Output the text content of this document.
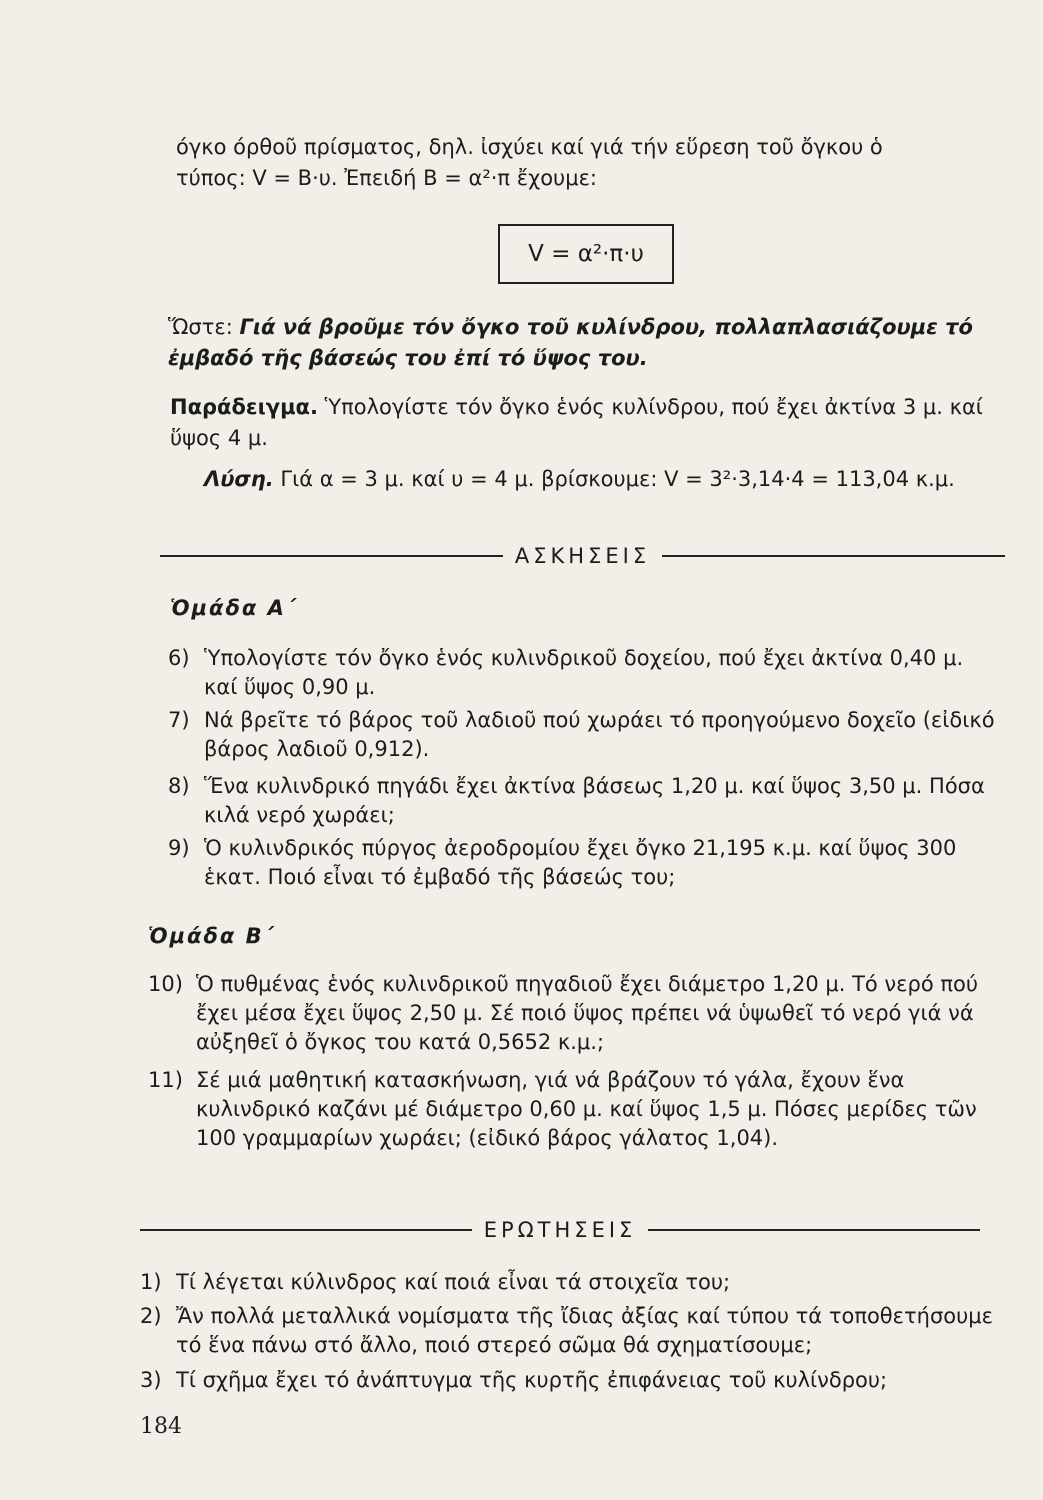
όγκο όρθοῦ πρίσματος, δηλ. ἰσχύει καί γιά τήν εὕρεση τοῦ ὄγκου ὁ
τύπος: V = B·υ. Ἐπειδή B = α²·π ἔχουμε:
V = α²·π·υ
Ὥστε: Γιά νά βροῦμε τόν ὄγκο τοῦ κυλίνδρου, πολλαπλασιάζουμε τό ἐμβαδό τῆς βάσεώς του ἐπί τό ὕψος του.
Παράδειγμα. Ὑπολογίστε τόν ὄγκο ἑνός κυλίνδρου, πού ἔχει ἀκτίνα 3 μ. καί ὕψος 4 μ.
Λύση. Γιά α = 3 μ. καί υ = 4 μ. βρίσκουμε: V = 3²·3,14·4 = 113,04 κ.μ.
ΑΣΚΗΣΕΙΣ
Ὁμάδα Α΄
6) Ὑπολογίστε τόν ὄγκο ἑνός κυλινδρικοῦ δοχείου, πού ἔχει ἀκτίνα 0,40 μ. καί ὕψος 0,90 μ.
7) Νά βρεῖτε τό βάρος τοῦ λαδιοῦ πού χωράει τό προηγούμενο δοχεῖο (εἰδικό βάρος λαδιοῦ 0,912).
8) Ἕνα κυλινδρικό πηγάδι ἔχει ἀκτίνα βάσεως 1,20 μ. καί ὕψος 3,50 μ. Πόσα κιλά νερό χωράει;
9) Ὁ κυλινδρικός πύργος ἀεροδρομίου ἔχει ὄγκο 21,195 κ.μ. καί ὕψος 300 ἑκατ. Ποιό εἶναι τό ἐμβαδό τῆς βάσεώς του;
Ὁμάδα Β΄
10) Ὁ πυθμένας ἑνός κυλινδρικοῦ πηγαδιοῦ ἔχει διάμετρο 1,20 μ. Τό νερό πού ἔχει μέσα ἔχει ὕψος 2,50 μ. Σέ ποιό ὕψος πρέπει νά ὑψωθεῖ τό νερό γιά νά αὐξηθεῖ ὁ ὄγκος του κατά 0,5652 κ.μ.;
11) Σέ μιά μαθητική κατασκήνωση, γιά νά βράζουν τό γάλα, ἔχουν ἕνα κυλινδρικό καζάνι μέ διάμετρο 0,60 μ. καί ὕψος 1,5 μ. Πόσες μερίδες τῶν 100 γραμμαρίων χωράει; (εἰδικό βάρος γάλατος 1,04).
ΕΡΩΤΗΣΕΙΣ
1) Τί λέγεται κύλινδρος καί ποιά εἶναι τά στοιχεῖα του;
2) Ἄν πολλά μεταλλικά νομίσματα τῆς ἴδιας ἀξίας καί τύπου τά τοποθετήσουμε τό ἕνα πάνω στό ἄλλο, ποιό στερεό σῶμα θά σχηματίσουμε;
3) Τί σχῆμα ἔχει τό ἀνάπτυγμα τῆς κυρτῆς ἐπιφάνειας τοῦ κυλίνδρου;
184
